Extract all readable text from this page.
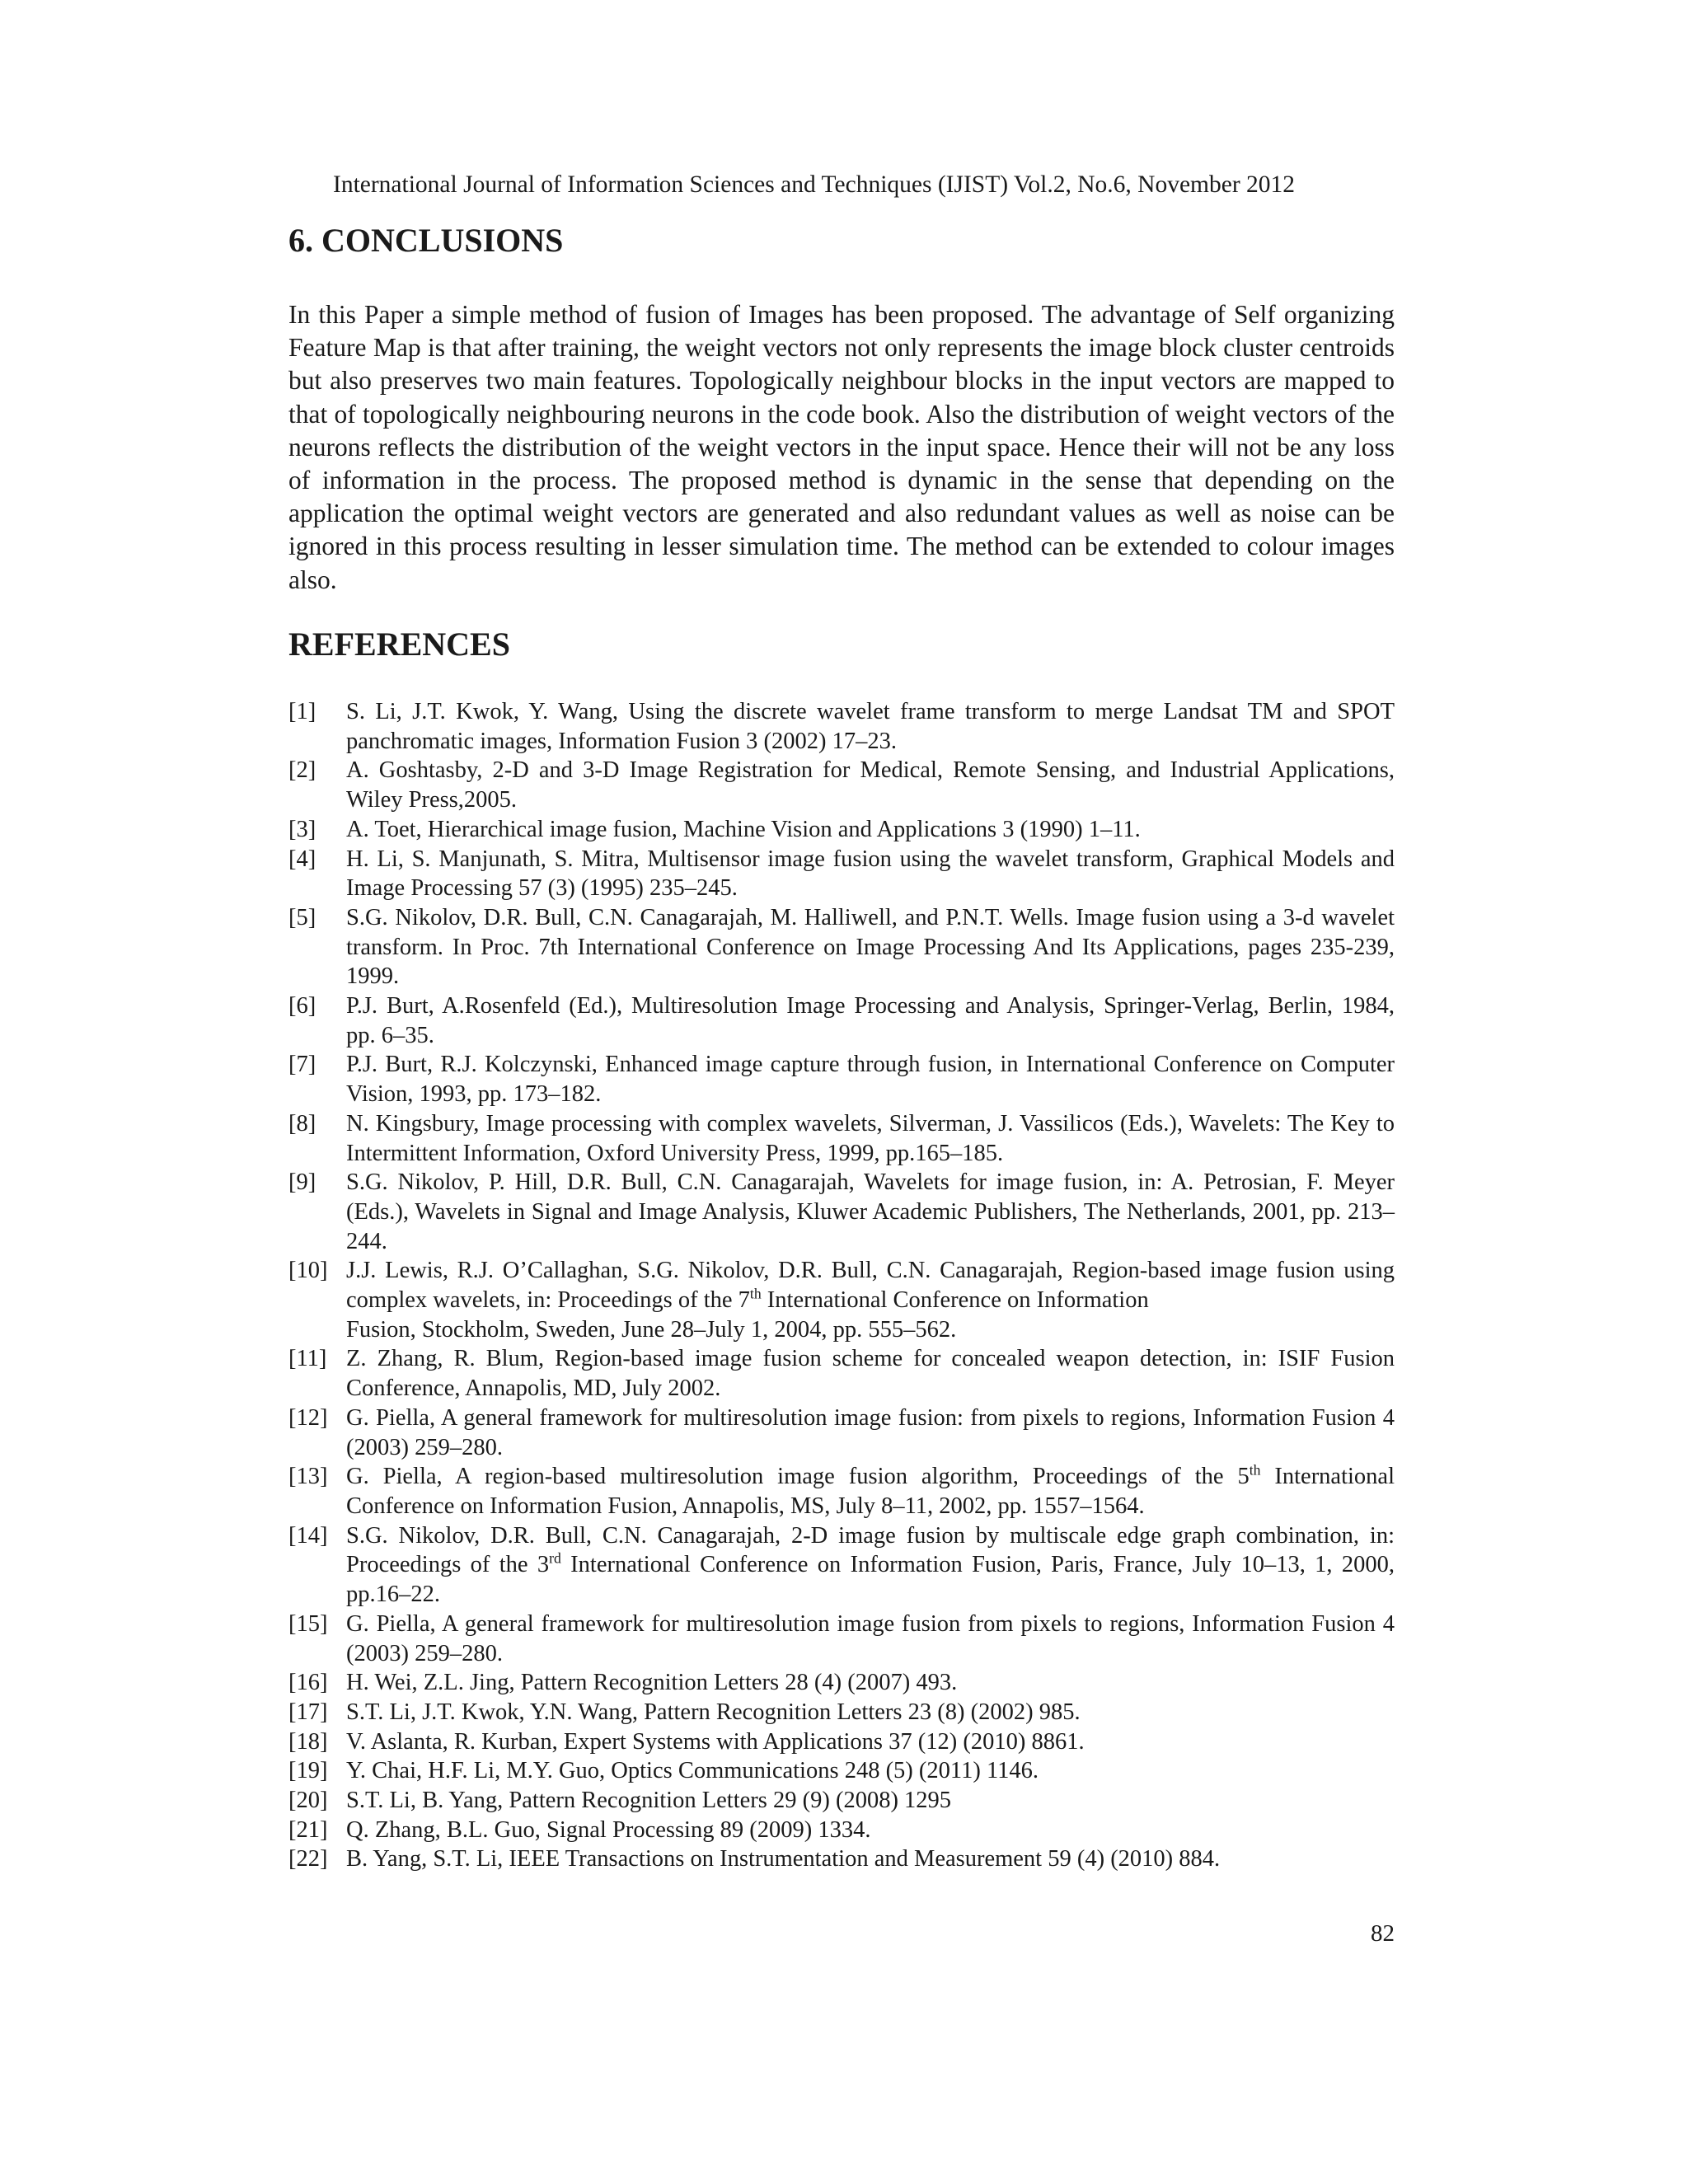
International Journal of Information Sciences and Techniques (IJIST) Vol.2, No.6, November 2012
6. CONCLUSIONS

In this Paper a simple method of fusion of Images has been proposed. The advantage of Self organizing Feature Map is that after training, the weight vectors not only represents the image block cluster centroids but also preserves two main features. Topologically neighbour blocks in the input vectors are mapped to that of topologically neighbouring neurons in the code book. Also the distribution of weight vectors of the neurons reflects the distribution of the weight vectors in the input space. Hence their will not be any loss of information in the process. The proposed method is dynamic in the sense that depending on the application the optimal weight vectors are generated and also redundant values as well as noise can be ignored in this process resulting in lesser simulation time. The method can be extended to colour images also.

REFERENCES
[1]	S. Li, J.T. Kwok, Y. Wang, Using the discrete wavelet frame transform to merge Landsat TM and SPOT panchromatic images, Information Fusion 3 (2002) 17–23.
[2]	A. Goshtasby, 2-D and 3-D Image Registration for Medical, Remote Sensing, and Industrial Applications, Wiley Press,2005.
[3]	A. Toet, Hierarchical image fusion, Machine Vision and Applications 3 (1990) 1–11.
[4]	H. Li, S. Manjunath, S. Mitra, Multisensor image fusion using the wavelet transform, Graphical Models and Image Processing 57 (3) (1995) 235–245.
[5]	S.G. Nikolov, D.R. Bull, C.N. Canagarajah, M. Halliwell, and P.N.T. Wells. Image fusion using a 3-d wavelet transform. In Proc. 7th International Conference on Image Processing And Its Applications, pages 235-239, 1999.
[6]	P.J. Burt, A.Rosenfeld (Ed.), Multiresolution Image Processing and Analysis, Springer-Verlag, Berlin, 1984, pp. 6–35.
[7]	P.J. Burt, R.J. Kolczynski, Enhanced image capture through fusion, in International Conference on Computer Vision, 1993, pp. 173–182.
[8]	N. Kingsbury, Image processing with complex wavelets, Silverman, J. Vassilicos (Eds.), Wavelets: The Key to Intermittent Information, Oxford University Press, 1999, pp.165–185.
[9]	S.G. Nikolov, P. Hill, D.R. Bull, C.N. Canagarajah, Wavelets for image fusion, in: A. Petrosian, F. Meyer (Eds.), Wavelets in Signal and Image Analysis, Kluwer Academic Publishers, The Netherlands, 2001, pp. 213–244.
[10] J.J. Lewis, R.J. O’Callaghan, S.G. Nikolov, D.R. Bull, C.N. Canagarajah, Region-based image fusion using complex wavelets, in: Proceedings of the 7th International Conference on Information
Fusion, Stockholm, Sweden, June 28–July 1, 2004, pp. 555–562.
[11] Z. Zhang, R. Blum, Region-based image fusion scheme for concealed weapon detection, in: ISIF Fusion Conference, Annapolis, MD, July 2002.
[12] G. Piella, A general framework for multiresolution image fusion: from pixels to regions, Information Fusion 4 (2003) 259–280.
[13] G. Piella, A region-based multiresolution image fusion algorithm, Proceedings of the 5th International Conference on Information Fusion, Annapolis, MS, July 8–11, 2002, pp. 1557–1564.
[14] S.G. Nikolov, D.R. Bull, C.N. Canagarajah, 2-D image fusion by multiscale edge graph combination, in: Proceedings of the 3rd International Conference on Information Fusion, Paris, France, July 10–13, 1, 2000, pp.16–22.
[15] G. Piella, A general framework for multiresolution image fusion from pixels to regions, Information Fusion 4 (2003) 259–280.
[16] H. Wei, Z.L. Jing, Pattern Recognition Letters 28 (4) (2007) 493.
[17] S.T. Li, J.T. Kwok, Y.N. Wang, Pattern Recognition Letters 23 (8) (2002) 985.
[18] V. Aslanta, R. Kurban, Expert Systems with Applications 37 (12) (2010) 8861.
[19] Y. Chai, H.F. Li, M.Y. Guo, Optics Communications 248 (5) (2011) 1146.
[20] S.T. Li, B. Yang, Pattern Recognition Letters 29 (9) (2008) 1295
[21] Q. Zhang, B.L. Guo, Signal Processing 89 (2009) 1334.
[22] B. Yang, S.T. Li, IEEE Transactions on Instrumentation and Measurement 59 (4) (2010) 884.
82
